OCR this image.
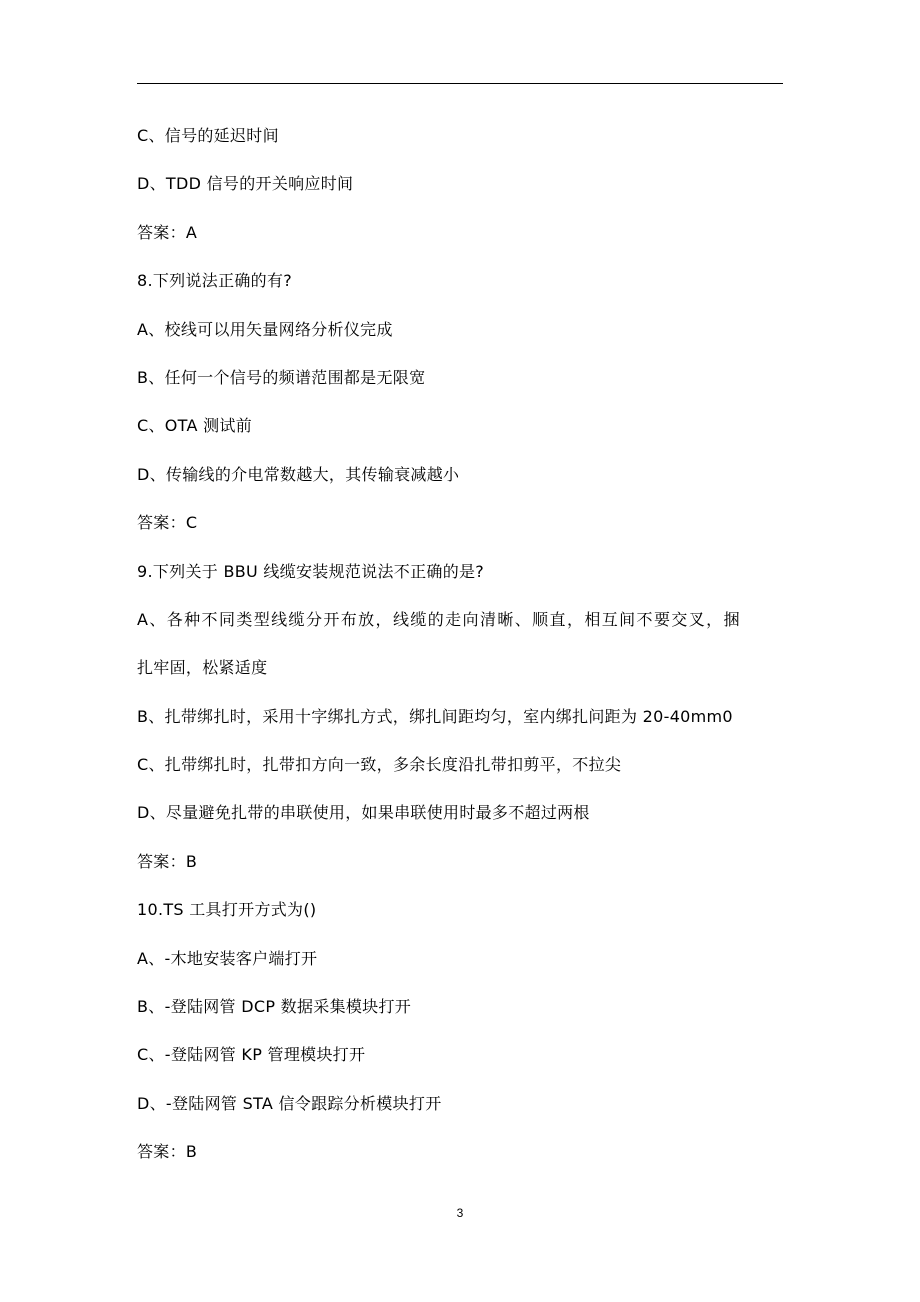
C、信号的延迟时间
D、TDD 信号的开关响应时间
答案：A
8.下列说法正确的有?
A、校线可以用矢量网络分析仪完成
B、任何一个信号的频谱范围都是无限宽
C、OTA 测试前
D、传输线的介电常数越大，其传输衰减越小
答案：C
9.下列关于 BBU 线缆安装规范说法不正确的是?
A、各种不同类型线缆分开布放，线缆的走向清晰、顺直，相互间不要交叉，捆
扎牢固，松紧适度
B、扎带绑扎时，采用十字绑扎方式，绑扎间距均匀，室内绑扎问距为 20-40mm0
C、扎带绑扎时，扎带扣方向一致，多余长度沿扎带扣剪平，不拉尖
D、尽量避免扎带的串联使用，如果串联使用时最多不超过两根
答案：B
10.TS 工具打开方式为()
A、-木地安装客户端打开
B、-登陆网管 DCP 数据采集模块打开
C、-登陆网管 KP 管理模块打开
D、-登陆网管 STA 信令跟踪分析模块打开
答案：B
3
